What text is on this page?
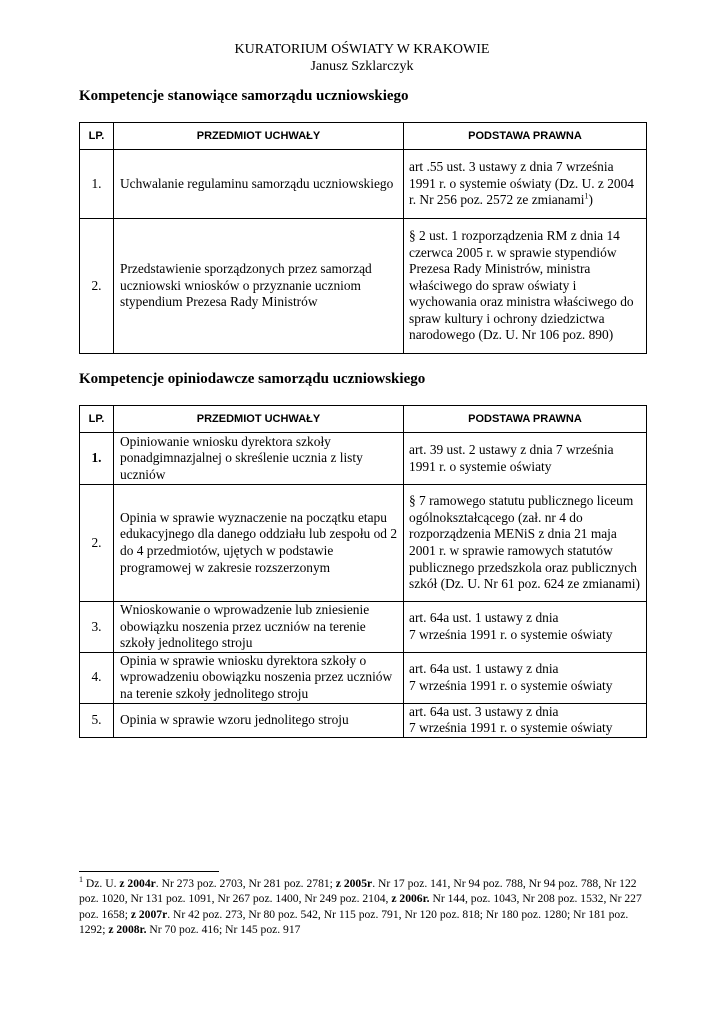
KURATORIUM OŚWIATY W KRAKOWIE
Janusz Szklarczyk
Kompetencje stanowiące samorządu uczniowskiego
LP.	PRZEDMIOT UCHWAŁY	PODSTAWA PRAWNA
1.	Uchwalanie regulaminu samorządu uczniowskiego	art .55 ust. 3 ustawy z dnia 7 września 1991 r. o systemie oświaty (Dz. U. z 2004 r. Nr 256 poz. 2572 ze zmianami$^1$)
2.	Przedstawienie sporządzonych przez samorząd uczniowski wniosków o przyznanie uczniom stypendium Prezesa Rady Ministrów	§ 2 ust. 1 rozporządzenia RM z dnia 14 czerwca 2005 r. w sprawie stypendiów Prezesa Rady Ministrów, ministra właściwego do spraw oświaty i wychowania oraz ministra właściwego do spraw kultury i ochrony dziedzictwa narodowego (Dz. U. Nr 106 poz. 890)
Kompetencje opiniodawcze samorządu uczniowskiego
LP.	PRZEDMIOT UCHWAŁY	PODSTAWA PRAWNA
1.	Opiniowanie wniosku dyrektora szkoły ponadgimnazjalnej o skreślenie ucznia z listy uczniów	art. 39 ust. 2 ustawy z dnia 7 września 1991 r. o systemie oświaty
2.	Opinia w sprawie wyznaczenie na początku etapu edukacyjnego dla danego oddziału lub zespołu od 2 do 4 przedmiotów, ujętych w podstawie programowej w zakresie rozszerzonym	§ 7 ramowego statutu publicznego liceum ogólnokształcącego (zał. nr 4 do rozporządzenia MENiS z dnia 21 maja 2001 r. w sprawie ramowych statutów publicznego przedszkola oraz publicznych szkół (Dz. U. Nr 61 poz. 624 ze zmianami)
3.	Wnioskowanie o wprowadzenie lub zniesienie obowiązku noszenia przez uczniów na terenie szkoły jednolitego stroju	art. 64a ust. 1 ustawy z dnia
7 września 1991 r. o systemie oświaty

4.	Opinia w sprawie wniosku dyrektora szkoły o wprowadzeniu obowiązku noszenia przez uczniów na terenie szkoły jednolitego stroju	art. 64a ust. 1 ustawy z dnia
7 września 1991 r. o systemie oświaty

5.	Opinia w sprawie wzoru jednolitego stroju	art. 64a ust. 3 ustawy z dnia
7 września 1991 r. o systemie oświaty
$^1$ Dz. U. z 2004r. Nr 273 poz. 2703, Nr 281 poz. 2781; z 2005r. Nr 17 poz. 141, Nr 94 poz. 788, Nr 94 poz. 788, Nr 122 poz. 1020, Nr 131 poz. 1091, Nr 267 poz. 1400, Nr 249 poz. 2104, z 2006r. Nr 144, poz. 1043, Nr 208 poz. 1532, Nr 227 poz. 1658; z 2007r. Nr 42 poz. 273, Nr 80 poz. 542, Nr 115 poz. 791, Nr 120 poz. 818; Nr 180 poz. 1280; Nr 181 poz. 1292; z 2008r. Nr 70 poz. 416; Nr 145 poz. 917
